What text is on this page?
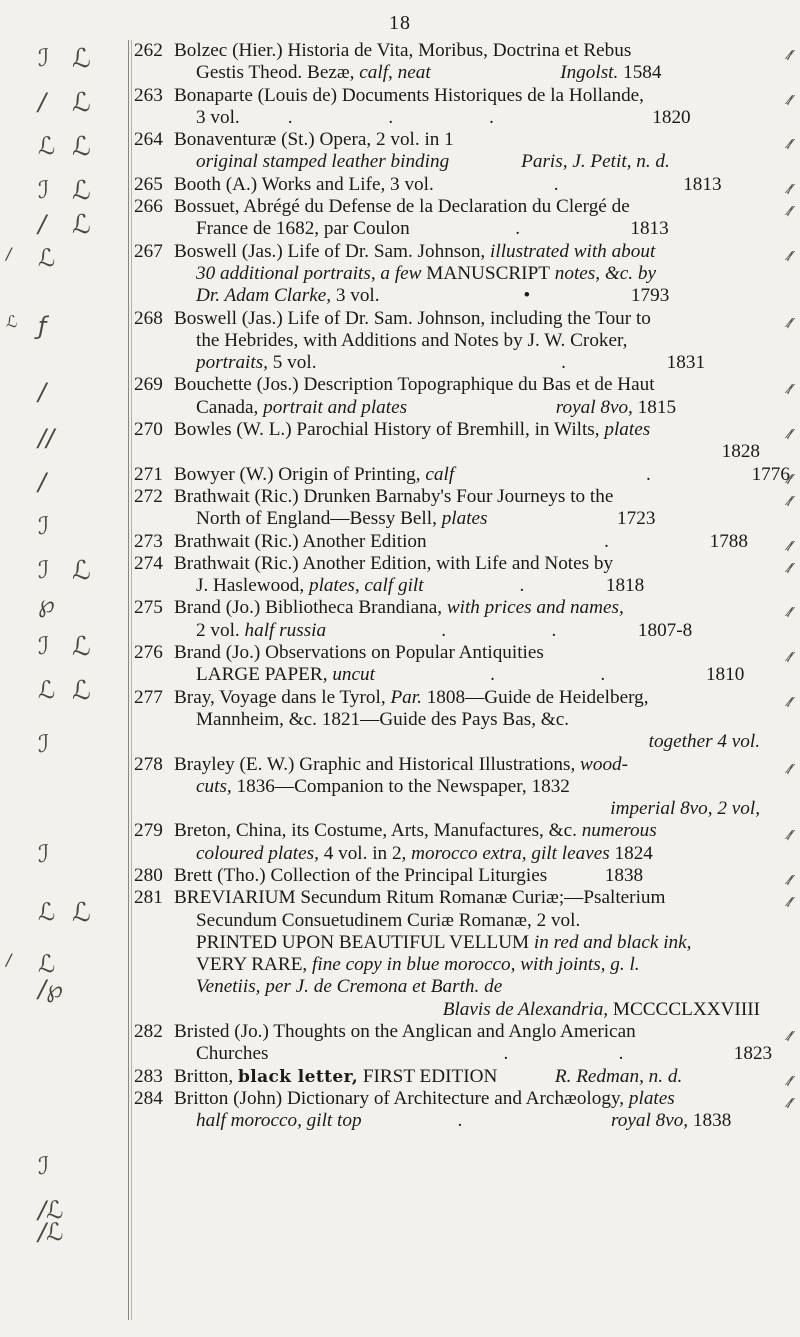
18
ℐ ℒ
/ ℒ
ℒ ℒ
ℐ ℒ
/ ℒ
/ ℒ
ℒ ƒ
/
//
/
ℐ
ℐ ℒ
℘
ℐ ℒ
ℒ ℒ
ℐ
ℐ
ℒ ℒ
/ ℒ
/℘
ℐ
/ℒ
/ℒ
262 Bolzec (Hier.) Historia de Vita, Moribus, Doctrina et Rebus
Gestis Theod. Bezæ, calf, neat	Ingolst. 1584
⁄∕⁄
263 Bonaparte (Louis de) Documents Historiques de la Hollande,
3 vol.          .                    .                    .                                 1820
⁄∕⁄
264 Bonaventuræ (St.) Opera, 2 vol. in 1
original stamped leather binding	Paris, J. Petit, n. d.
⁄∕⁄
265 Booth (A.) Works and Life, 3 vol.                         .                          1813
⁄∕⁄
266 Bossuet, Abrégé du Defense de la Declaration du Clergé de
France de 1682, par Coulon                      .                       1813
⁄∕⁄
267 Boswell (Jas.) Life of Dr. Sam. Johnson, illustrated with about
30 additional portraits, a few MANUSCRIPT notes, &c. by
Dr. Adam Clarke, 3 vol.                              •                     1793
⁄∕⁄
268 Boswell (Jas.) Life of Dr. Sam. Johnson, including the Tour to
the Hebrides, with Additions and Notes by J. W. Croker,
portraits, 5 vol.                                                   .                     1831
⁄∕⁄
269 Bouchette (Jos.) Description Topographique du Bas et de Haut
Canada, portrait and plates	royal 8vo, 1815
⁄∕⁄
270 Bowles (W. L.) Parochial History of Bremhill, in Wilts, plates
1828
⁄∕⁄
271 Bowyer (W.) Origin of Printing, calf                                        .                     1776
⁄∕⁄
272 Brathwait (Ric.) Drunken Barnaby's Four Journeys to the
North of England—Bessy Bell, plates	1723
⁄∕⁄
273 Brathwait (Ric.) Another Edition                                     .                     1788
⁄∕⁄
274 Brathwait (Ric.) Another Edition, with Life and Notes by
J. Haslewood, plates, calf gilt                    .                 1818
⁄∕⁄
275 Brand (Jo.) Bibliotheca Brandiana, with prices and names,
2 vol. half russia                        .                      .                 1807-8
⁄∕⁄
276 Brand (Jo.) Observations on Popular Antiquities
LARGE PAPER, uncut                        .                      .                     1810
⁄∕⁄
277 Bray, Voyage dans le Tyrol, Par. 1808—Guide de Heidelberg,
Mannheim, &c. 1821—Guide des Pays Bas, &c.
together 4 vol.
⁄∕⁄
278 Brayley (E. W.) Graphic and Historical Illustrations, wood-
cuts, 1836—Companion to the Newspaper, 1832
imperial 8vo, 2 vol,
⁄∕⁄
279 Breton, China, its Costume, Arts, Manufactures, &c. numerous
coloured plates, 4 vol. in 2, morocco extra, gilt leaves 1824
⁄∕⁄
280 Brett (Tho.) Collection of the Principal Liturgies	1838
⁄∕⁄
281 BREVIARIUM Secundum Ritum Romanæ Curiæ;—Psalterium
Secundum Consuetudinem Curiæ Romanæ, 2 vol.
PRINTED UPON BEAUTIFUL VELLUM in red and black ink,
VERY RARE, fine copy in blue morocco, with joints, g. l.
Venetiis, per J. de Cremona et Barth. de
Blavis de Alexandria, MCCCCLXXVIIII
⁄∕⁄
282 Bristed (Jo.) Thoughts on the Anglican and Anglo American
Churches                                                 .                       .                       1823
⁄∕⁄
283 Britton, black letter, FIRST EDITION	R. Redman, n. d.
⁄∕⁄
284 Britton (John) Dictionary of Architecture and Archæology, plates
half morocco, gilt top                    .                               royal 8vo, 1838
⁄∕⁄
